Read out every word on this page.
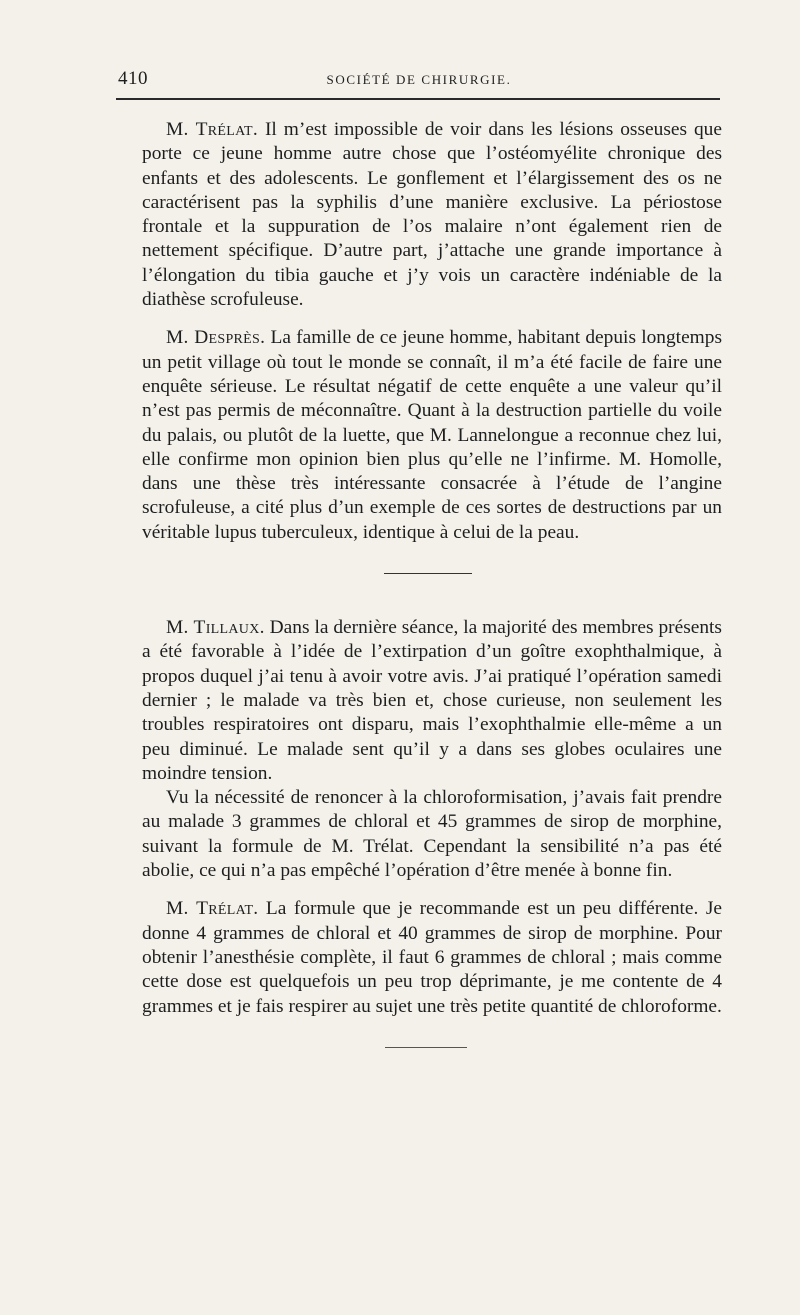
410	SOCIÉTÉ DE CHIRURGIE.

M. Trélat. Il m’est impossible de voir dans les lésions osseuses que porte ce jeune homme autre chose que l’ostéomyélite chronique des enfants et des adolescents. Le gonflement et l’élargissement des os ne caractérisent pas la syphilis d’une manière exclusive. La périostose frontale et la suppuration de l’os malaire n’ont également rien de nettement spécifique. D’autre part, j’attache une grande importance à l’élongation du tibia gauche et j’y vois un caractère indéniable de la diathèse scrofuleuse.

M. Desprès. La famille de ce jeune homme, habitant depuis longtemps un petit village où tout le monde se connaît, il m’a été facile de faire une enquête sérieuse. Le résultat négatif de cette enquête a une valeur qu’il n’est pas permis de méconnaître. Quant à la destruction partielle du voile du palais, ou plutôt de la luette, que M. Lannelongue a reconnue chez lui, elle confirme mon opinion bien plus qu’elle ne l’infirme. M. Homolle, dans une thèse très intéressante consacrée à l’étude de l’angine scrofuleuse, a cité plus d’un exemple de ces sortes de destructions par un véritable lupus tuberculeux, identique à celui de la peau.

M. Tillaux. Dans la dernière séance, la majorité des membres présents a été favorable à l’idée de l’extirpation d’un goître exophthalmique, à propos duquel j’ai tenu à avoir votre avis. J’ai pratiqué l’opération samedi dernier ; le malade va très bien et, chose curieuse, non seulement les troubles respiratoires ont disparu, mais l’exophthalmie elle-même a un peu diminué. Le malade sent qu’il y a dans ses globes oculaires une moindre tension.

Vu la nécessité de renoncer à la chloroformisation, j’avais fait prendre au malade 3 grammes de chloral et 45 grammes de sirop de morphine, suivant la formule de M. Trélat. Cependant la sensibilité n’a pas été abolie, ce qui n’a pas empêché l’opération d’être menée à bonne fin.

M. Trélat. La formule que je recommande est un peu différente. Je donne 4 grammes de chloral et 40 grammes de sirop de morphine. Pour obtenir l’anesthésie complète, il faut 6 grammes de chloral ; mais comme cette dose est quelquefois un peu trop déprimante, je me contente de 4 grammes et je fais respirer au sujet une très petite quantité de chloroforme.
